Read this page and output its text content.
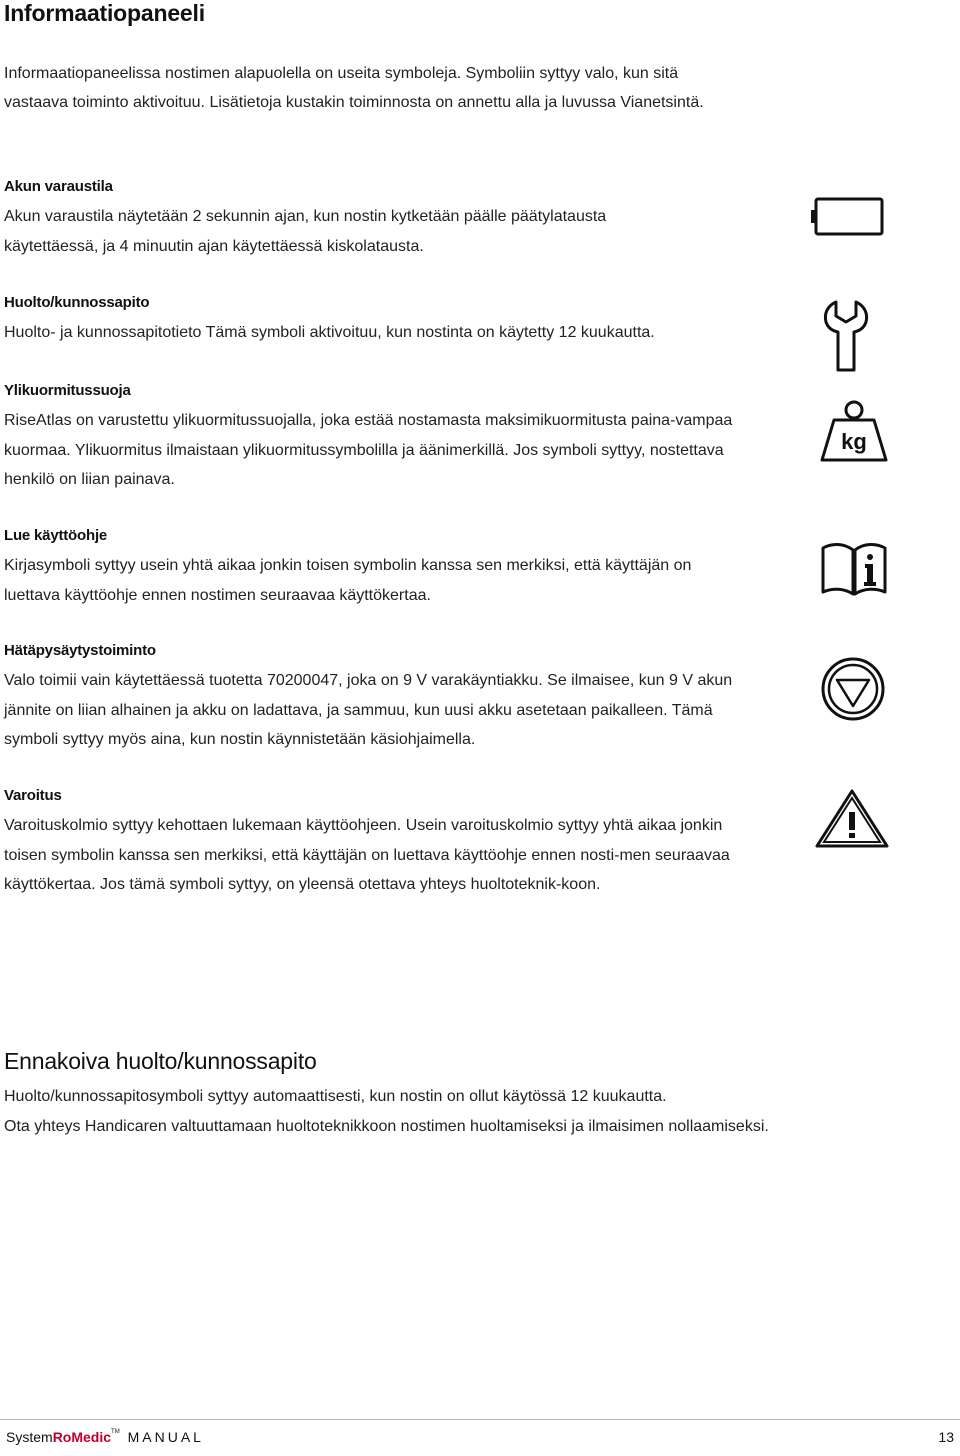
Informaatiopaneeli

Informaatiopaneelissa nostimen alapuolella on useita symboleja. Symboliin syttyy valo, kun sitä vastaava toiminto aktivoituu. Lisätietoja kustakin toiminnosta on annettu alla ja luvussa Vianetsintä.

Akun varaustila

Akun varaustila näytetään 2 sekunnin ajan, kun nostin kytketään päälle päätylatausta käytettäessä, ja 4 minuutin ajan käytettäessä kiskolatausta.

Huolto/kunnossapito

Huolto- ja kunnossapitotieto Tämä symboli aktivoituu, kun nostinta on käytetty 12 kuukautta.

Ylikuormitussuoja

RiseAtlas on varustettu ylikuormitussuojalla, joka estää nostamasta maksimikuormitusta paina-vampaa kuormaa. Ylikuormitus ilmaistaan ylikuormitussymbolilla ja äänimerkillä. Jos symboli syttyy, nostettava henkilö on liian painava.

kg
Lue käyttöohje

Kirjasymboli syttyy usein yhtä aikaa jonkin toisen symbolin kanssa sen merkiksi, että käyttäjän on luettava käyttöohje ennen nostimen seuraavaa käyttökertaa.

Hätäpysäytystoiminto

Valo toimii vain käytettäessä tuotetta 70200047, joka on 9 V varakäyntiakku. Se ilmaisee, kun 9 V akun jännite on liian alhainen ja akku on ladattava, ja sammuu, kun uusi akku asetetaan paikalleen. Tämä symboli syttyy myös aina, kun nostin käynnistetään käsiohjaimella.

Varoitus

Varoituskolmio syttyy kehottaen lukemaan käyttöohjeen. Usein varoituskolmio syttyy yhtä aikaa jonkin toisen symbolin kanssa sen merkiksi, että käyttäjän on luettava käyttöohje ennen nosti-men seuraavaa käyttökertaa. Jos tämä symboli syttyy, on yleensä otettava yhteys huoltoteknik-koon.

Ennakoiva huolto/kunnossapito
Huolto/kunnossapitosymboli syttyy automaattisesti, kun nostin on ollut käytössä 12 kuukautta.
Ota yhteys Handicaren valtuuttamaan huoltoteknikkoon nostimen huoltamiseksi ja ilmaisimen nollaamiseksi.
SystemRoMedic™ MANUAL	13
